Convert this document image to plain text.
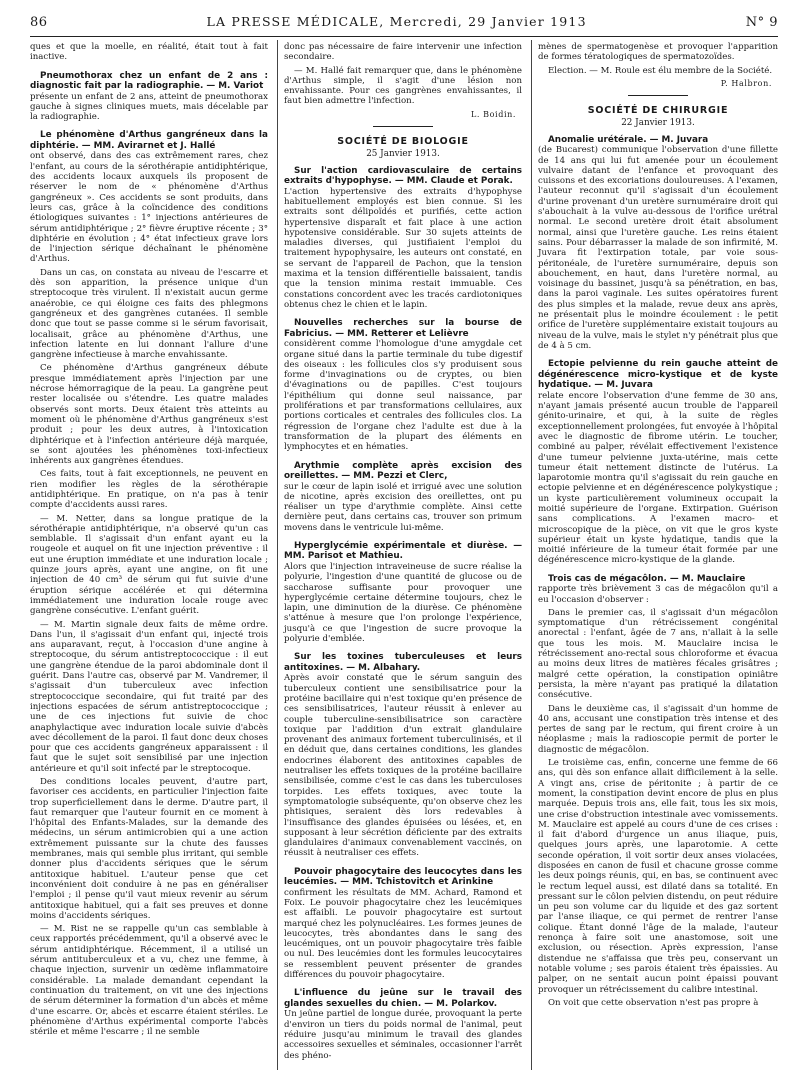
86	LA PRESSE MÉDICALE, Mercredi, 29 Janvier 1913	N° 9

ques et que la moelle, en réalité, était tout à fait inactive.

Pneumothorax chez un enfant de 2 ans : diagnostic fait par la radiographie. — M. Variot
présente un enfant de 2 ans, atteint de pneumothorax gauche à signes cliniques muets, mais décelable par la radiographie.

Le phénomène d'Arthus gangréneux dans la diphtérie. — MM. Avirагnet et J. Hallé
ont observé, dans des cas extrêmement rares, chez l'enfant, au cours de la sérothérapie antidiphtérique, des accidents locaux auxquels ils proposent de réserver le nom de « phénomène d'Arthus gangréneux ». Ces accidents se sont produits, dans leurs cas, grâce à la coïncidence des conditions étiologiques suivantes : 1° injections antérieures de sérum antidiphtérique ; 2° fièvre éruptive récente ; 3° diphtérie en évolution ; 4° état infectieux grave lors de l'injection sérique déchaînant le phénomène d'Arthus.

Dans un cas, on constata au niveau de l'escarre et dès son apparition, la présence unique d'un streptocoque très virulent. Il n'existait aucun germe anaérobie, ce qui éloigne ces faits des phlegmons gangréneux et des gangrènes cutanées. Il semble donc que tout se passe comme si le sérum favorisait, localisait, grâce au phénomène d'Arthus, une infection latente en lui donnant l'allure d'une gangrène infectieuse à marche envahissante.

Ce phénomène d'Arthus gangréneux débute presque immédiatement après l'injection par une nécrose hémorragique de la peau. La gangrène peut rester localisée ou s'étendre. Les quatre malades observés sont morts. Deux étaient très atteints au moment où le phénomène d'Arthus gangréneux s'est produit ; pour les deux autres, à l'intoxication diphtérique et à l'infection antérieure déjà marquée, se sont ajoutées les phénomènes toxi-infectieux inhérents aux gangrènes étendues.

Ces faits, tout à fait exceptionnels, ne peuvent en rien modifier les règles de la sérothérapie antidiphtérique. En pratique, on n'a pas à tenir compte d'accidents aussi rares.

— M. Netter, dans sa longue pratique de la sérothérapie antidiphtérique, n'a observé qu'un cas semblable. Il s'agissait d'un enfant ayant eu la rougeole et auquel on fit une injection préventive : il eut une éruption immédiate et une induration locale ; quinze jours après, ayant une angine, on fit une injection de 40 cm³ de sérum qui fut suivie d'une éruption sérique accélérée et qui détermina immédiatement une induration locale rouge avec gangrène consécutive. L'enfant guérit.

— M. Martin signale deux faits de même ordre. Dans l'un, il s'agissait d'un enfant qui, injecté trois ans auparavant, reçut, à l'occasion d'une angine à streptocoque, du sérum antistreptococcique : il eut une gangrène étendue de la paroi abdominale dont il guérit. Dans l'autre cas, observé par M. Vandremer, il s'agissait d'un tuberculeux avec infection streptococcique secondaire, qui fut traité par des injections espacées de sérum antistreptococcique ; une de ces injections fut suivie de choc anaphylactique avec induration locale suivie d'abcès avec décollement de la paroi. Il faut donc deux choses pour que ces accidents gangréneux apparaissent : il faut que le sujet soit sensibilisé par une injection antérieure et qu'il soit infecté par le streptocoque.

Des conditions locales peuvent, d'autre part, favoriser ces accidents, en particulier l'injection faite trop superficiellement dans le derme. D'autre part, il faut remarquer que l'auteur fournit en ce moment à l'hôpital des Enfants-Malades, sur la demande des médecins, un sérum antimicrobien qui a une action extrêmement puissante sur la chute des fausses membranes, mais qui semble plus irritant, qui semble donner plus d'accidents sériques que le sérum antitoxique habituel. L'auteur pense que cet inconvénient doit conduire à ne pas en généraliser l'emploi ; il pense qu'il vaut mieux revenir au sérum antitoxique habituel, qui a fait ses preuves et donne moins d'accidents sériques.

— M. Rist ne se rappelle qu'un cas semblable à ceux rapportés précédemment, qu'il a observé avec le sérum antidiphtérique. Récemment, il a utilisé un sérum antituberculeux et a vu, chez une femme, à chaque injection, survenir un œdème inflammatoire considérable. La malade demandant cependant la continuation du traitement, on vit une des injections de sérum déterminer la formation d'un abcès et même d'une escarre. Or, abcès et escarre étaient stériles. Le phénomène d'Arthus expérimental comporte l'abcès stérile et même l'escarre ; il ne semble

donc pas nécessaire de faire intervenir une infection secondaire.

— M. Hallé fait remarquer que, dans le phénomène d'Arthus simple, il s'agit d'une lésion non envahissante. Pour ces gangrènes envahissantes, il faut bien admettre l'infection.

L. Boidin.

SOCIÉTÉ DE BIOLOGIE

25 Janvier 1913.

Sur l'action cardiovasculaire de certains extraits d'hypophyse. — MM. Claude et Porak.
L'action hypertensive des extraits d'hypophyse habituellement employés est bien connue. Si les extraits sont délipoïdés et purifiés, cette action hypertensive disparaît et fait place à une action hypotensive considérable. Sur 30 sujets atteints de maladies diverses, qui justifiaient l'emploi du traitement hypophysaire, les auteurs ont constaté, en se servant de l'appareil de Pachon, que la tension maxima et la tension différentielle baissaient, tandis que la tension minima restait immuable. Ces constations concordent avec les tracés cardiotoniques obtenus chez le chien et le lapin.

Nouvelles recherches sur la bourse de Fabricius. — MM. Retterer et Lelièvre
considèrent comme l'homologue d'une amygdale cet organe situé dans la partie terminale du tube digestif des oiseaux : les follicules clos s'y produisent sous forme d'invaginations ou de cryptes, ou bien d'évaginations ou de papilles. C'est toujours l'épithélium qui donne seul naissance, par proliférations et par transformations cellulaires, aux portions corticales et centrales des follicules clos. La régression de l'organe chez l'adulte est due à la transformation de la plupart des éléments en lymphocytes et en hématies.

Arythmie complète après excision des oreillettes. — MM. Pezzi et Clerc,
sur le cœur de lapin isolé et irrigué avec une solution de nicotine, après excision des oreillettes, ont pu réaliser un type d'arythmie complète. Ainsi cette dernière peut, dans certains cas, trouver son primum movens dans le ventricule lui-même.

Hyperglycémie expérimentale et diurèse. — MM. Parisot et Mathieu.
Alors que l'injection intraveineuse de sucre réalise la polyurie, l'ingestion d'une quantité de glucose ou de saccharose suffisante pour provoquer une hyperglycémie certaine détermine toujours, chez le lapin, une diminution de la diurèse. Ce phénomène s'atténue à mesure que l'on prolonge l'expérience, jusqu'à ce que l'ingestion de sucre provoque la polyurie d'emblée.

Sur les toxines tuberculeuses et leurs antitoxines. — M. Albahary.
Après avoir constaté que le sérum sanguin des tuberculeux contient une sensibilisatrice pour la protéine bacillaire qui n'est toxique qu'en présence de ces sensibilisatrices, l'auteur réussit à enlever au couple tuberculine-sensibilisatrice son caractère toxique par l'addition d'un extrait glandulaire provenant des animaux fortement tuberculinisés, et il en déduit que, dans certaines conditions, les glandes endocrines élaborent des antitoxines capables de neutraliser les effets toxiques de la protéine bacillaire sensibilisée, comme c'est le cas dans les tuberculoses torpides. Les effets toxiques, avec toute la symptomatologie subséquente, qu'on observe chez les phtisiques, seraient dès lors redevables à l'insuffisance des glandes épuisées ou lésées, et, en supposant à leur sécrétion déficiente par des extraits glandulaires d'animaux convenablement vaccinés, on réussit à neutraliser ces effets.

Pouvoir phagocytaire des leucocytes dans les leucémies. — MM. Tchistovitch et Arinkine
confirment les résultats de MM. Achard, Ramond et Foix. Le pouvoir phagocytaire chez les leucémiques est affaibli. Le pouvoir phagocytaire est surtout marqué chez les polynucléaires. Les formes jeunes de leucocytes, très abondantes dans le sang des leucémiques, ont un pouvoir phagocytaire très faible ou nul. Des leucémies dont les formules leucocytaires se ressemblent peuvent présenter de grandes différences du pouvoir phagocytaire.

L'influence du jeûne sur le travail des glandes sexuelles du chien. — M. Polarkov.
Un jeûne partiel de longue durée, provoquant la perte d'environ un tiers du poids normal de l'animal, peut réduire jusqu'au minimum le travail des glandes accessoires sexuelles et séminales, occasionner l'arrêt des phéno-

mènes de spermatogenèse et provoquer l'apparition de formes tératologiques de spermatozoïdes.

Election. — M. Roule est élu membre de la Société.

P. Halbron.

SOCIÉTÉ DE CHIRURGIE

22 Janvier 1913.

Anomalie urétérale. — M. Juvara
(de Bucarest) communique l'observation d'une fillette de 14 ans qui lui fut amenée pour un écoulement vulvaire datant de l'enfance et provoquant des cuissons et des excoriations douloureuses. A l'examen, l'auteur reconnut qu'il s'agissait d'un écoulement d'urine provenant d'un uretère surnuméraire droit qui s'abouchait à la vulve au-dessous de l'orifice urétral normal. Le second uretère droit était absolument normal, ainsi que l'uretère gauche. Les reins étaient sains. Pour débarrasser la malade de son infirmité, M. Juvara fit l'extirpation totale, par voie sous-péritonéale, de l'uretère surnuméraire, depuis son abouchement, en haut, dans l'uretère normal, au voisinage du bassinet, jusqu'à sa pénétration, en bas, dans la paroi vaginale. Les suites opératoires furent des plus simples et la malade, revue deux ans après, ne présentait plus le moindre écoulement : le petit orifice de l'uretère supplémentaire existait toujours au niveau de la vulve, mais le stylet n'y pénétrait plus que de 4 à 5 cm.

Ectopie pelvienne du rein gauche atteint de dégénérescence micro-kystique et de kyste hydatique. — M. Juvara
relate encore l'observation d'une femme de 30 ans, n'ayant jamais présenté aucun trouble de l'appareil génito-urinaire, et qui, à la suite de règles exceptionnellement prolongées, fut envoyée à l'hôpital avec le diagnostic de fibrome utérin. Le toucher, combiné au palper, révélait effectivement l'existence d'une tumeur pelvienne juxta-utérine, mais cette tumeur était nettement distincte de l'utérus. La laparotomie montra qu'il s'agissait du rein gauche en ectopie pelvienne et en dégénérescence polykystique ; un kyste particulièrement volumineux occupait la moitié supérieure de l'organe. Extirpation. Guérison sans complications. A l'examen macro- et microscopique de la pièce, on vit que le gros kyste supérieur était un kyste hydatique, tandis que la moitié inférieure de la tumeur était formée par une dégénérescence micro-kystique de la glande.

Trois cas de mégacôlon. — M. Mauclaire
rapporte très brièvement 3 cas de mégacôlon qu'il a eu l'occasion d'observer :

Dans le premier cas, il s'agissait d'un mégacôlon symptomatique d'un rétrécissement congénital anorectal : l'enfant, âgée de 7 ans, n'allait à la selle que tous les mois. M. Mauclaire incisa le rétrécissement ano-rectal sous chloroforme et évacua au moins deux litres de matières fécales grisâtres ; malgré cette opération, la constipation opiniâtre persista, la mère n'ayant pas pratiqué la dilatation consécutive.

Dans le deuxième cas, il s'agissait d'un homme de 40 ans, accusant une constipation très intense et des pertes de sang par le rectum, qui firent croire à un néoplasme ; mais la radioscopie permit de porter le diagnostic de mégacôlon.

Le troisième cas, enfin, concerne une femme de 66 ans, qui dès son enfance allait difficilement à la selle. A vingt ans, crise de péritonite ; à partir de ce moment, la constipation devint encore de plus en plus marquée. Depuis trois ans, elle fait, tous les six mois, une crise d'obstruction intestinale avec vomissements. M. Mauclaire est appelé au cours d'une de ces crises : il fait d'abord d'urgence un anus iliaque, puis, quelques jours après, une laparotomie. A cette seconde opération, il voit sortir deux anses violacées, disposées en canon de fusil et chacune grosse comme les deux poings réunis, qui, en bas, se continuent avec le rectum lequel aussi, est dilaté dans sa totalité. En pressant sur le côlon pelvien distendu, on peut réduire un peu son volume car du liquide et des gaz sortent par l'anse iliaque, ce qui permet de rentrer l'anse colique. Étant donné l'âge de la malade, l'auteur renonça à faire soit une anastomose, soit une exclusion, ou résection. Après expression, l'anse distendue ne s'affaissa que très peu, conservant un notable volume ; ses parois étaient très épaissies. Au palper, on ne sentait aucun point épaissi pouvant provoquer un rétrécissement du calibre intestinal.

On voit que cette observation n'est pas propre à
